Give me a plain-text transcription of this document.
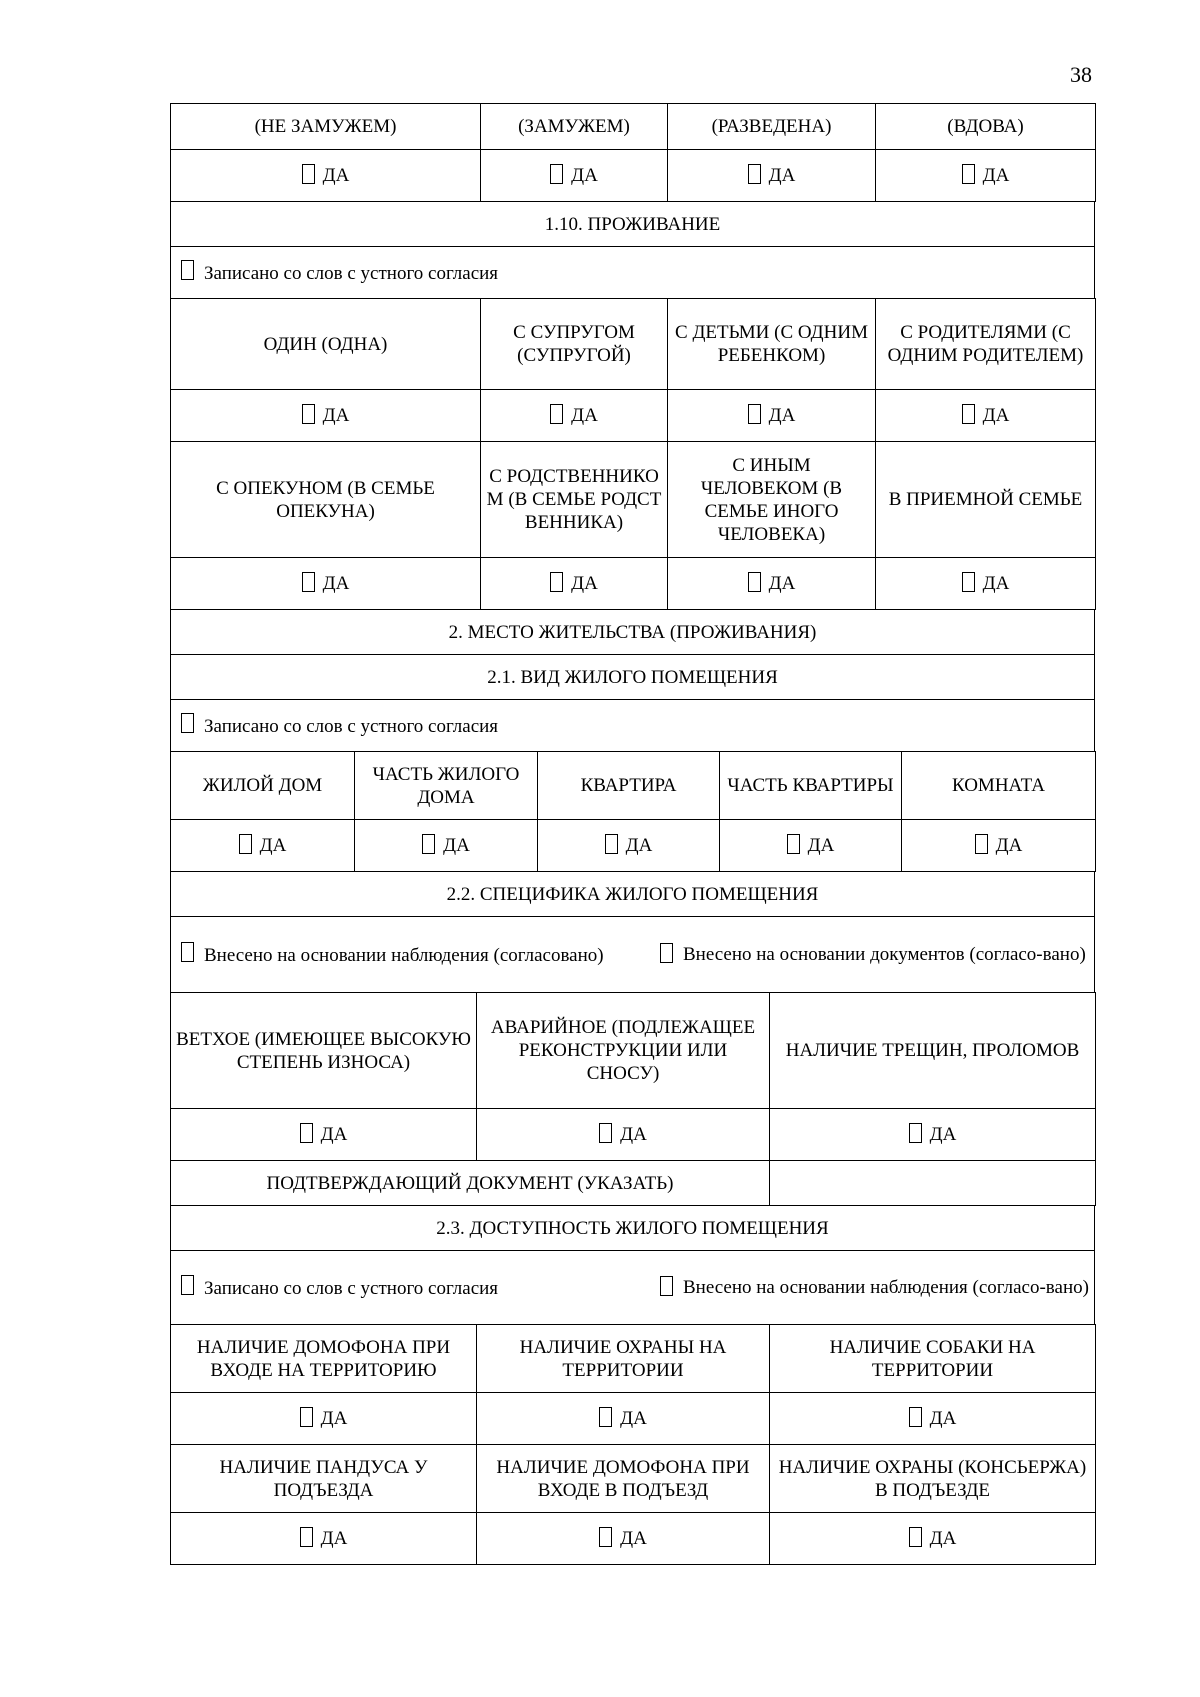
38
(НЕ ЗАМУЖЕМ)	(ЗАМУЖЕМ)	(РАЗВЕДЕНА)	(ВДОВА)
ДА	ДА	ДА	ДА
1.10. ПРОЖИВАНИЕ
Записано со слов с устного согласия
ОДИН (ОДНА)	С СУПРУГОМ (СУПРУГОЙ)	С ДЕТЬМИ (С ОДНИМ РЕБЕНКОМ)	С РОДИТЕЛЯМИ (С ОДНИМ РОДИТЕЛЕМ)
ДА	ДА	ДА	ДА
С ОПЕКУНОМ (В СЕМЬЕ ОПЕКУНА)	С РОДСТВЕННИКОМ (В СЕМЬЕ РОДСТВЕННИКА)	С ИНЫМ ЧЕЛОВЕКОМ (В СЕМЬЕ ИНОГО ЧЕЛОВЕКА)	В ПРИЕМНОЙ СЕМЬЕ
ДА	ДА	ДА	ДА
2. МЕСТО ЖИТЕЛЬСТВА (ПРОЖИВАНИЯ)
2.1. ВИД ЖИЛОГО ПОМЕЩЕНИЯ
Записано со слов с устного согласия
ЖИЛОЙ ДОМ	ЧАСТЬ ЖИЛОГО ДОМА	КВАРТИРА	ЧАСТЬ КВАРТИРЫ	КОМНАТА
ДА	ДА	ДА	ДА	ДА
2.2. СПЕЦИФИКА ЖИЛОГО ПОМЕЩЕНИЯ

Внесено на основании наблюдения (согласовано)	Внесено на основании документов (согласо-вано)
ВЕТХОЕ (ИМЕЮЩЕЕ ВЫСОКУЮ СТЕПЕНЬ ИЗНОСА)	АВАРИЙНОЕ (ПОДЛЕЖАЩЕЕ РЕКОНСТРУКЦИИ ИЛИ СНОСУ)	НАЛИЧИЕ ТРЕЩИН, ПРОЛОМОВ
ДА	ДА	ДА
ПОДТВЕРЖДАЮЩИЙ ДОКУМЕНТ (УКАЗАТЬ)		
2.3. ДОСТУПНОСТЬ ЖИЛОГО ПОМЕЩЕНИЯ

Записано со слов с устного согласия	Внесено на основании наблюдения (согласо-вано)
НАЛИЧИЕ ДОМОФОНА ПРИ ВХОДЕ НА ТЕРРИТОРИЮ	НАЛИЧИЕ ОХРАНЫ НА ТЕРРИТОРИИ	НАЛИЧИЕ СОБАКИ НА ТЕРРИТОРИИ
ДА	ДА	ДА
НАЛИЧИЕ ПАНДУСА У ПОДЪЕЗДА	НАЛИЧИЕ ДОМОФОНА ПРИ ВХОДЕ В ПОДЪЕЗД	НАЛИЧИЕ ОХРАНЫ (КОНСЬЕРЖА) В ПОДЪЕЗДЕ
ДА	ДА	ДА
